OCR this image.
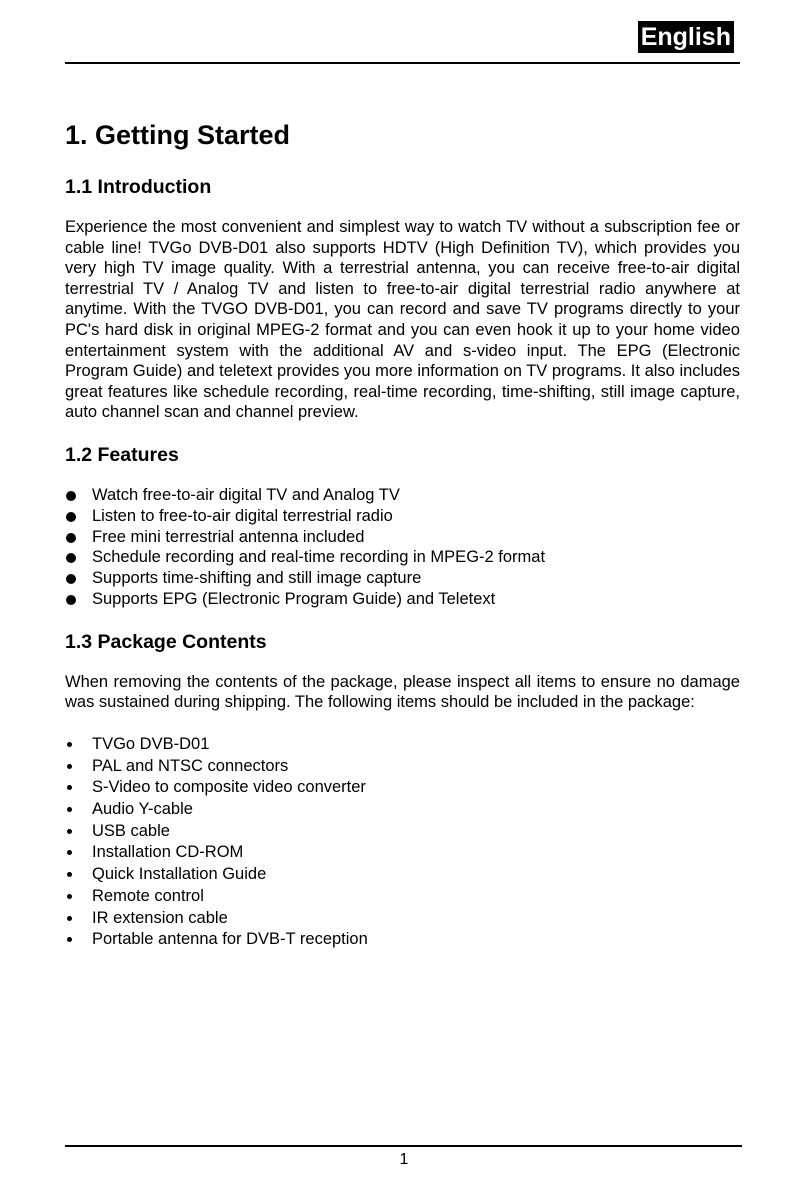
English
1. Getting Started
1.1 Introduction

Experience the most convenient and simplest way to watch TV without a subscription fee or cable line! TVGo DVB-D01 also supports HDTV (High Definition TV), which provides you very high TV image quality. With a terrestrial antenna, you can receive free-to-air digital terrestrial TV / Analog TV and listen to free-to-air digital terrestrial radio anywhere at anytime. With the TVGO DVB-D01, you can record and save TV programs directly to your PC's hard disk in original MPEG-2 format and you can even hook it up to your home video entertainment system with the additional AV and s-video input. The EPG (Electronic Program Guide) and teletext provides you more information on TV programs. It also includes great features like schedule recording, real-time recording, time-shifting, still image capture, auto channel scan and channel preview.

1.2 Features
Watch free-to-air digital TV and Analog TV
Listen to free-to-air digital terrestrial radio
Free mini terrestrial antenna included
Schedule recording and real-time recording in MPEG-2 format
Supports time-shifting and still image capture
Supports EPG (Electronic Program Guide) and Teletext
1.3 Package Contents

When removing the contents of the package, please inspect all items to ensure no damage was sustained during shipping. The following items should be included in the package:

TVGo DVB-D01
PAL and NTSC connectors
S-Video to composite video converter
Audio Y-cable
USB cable
Installation CD-ROM
Quick Installation Guide
Remote control
IR extension cable
Portable antenna for DVB-T reception
1
